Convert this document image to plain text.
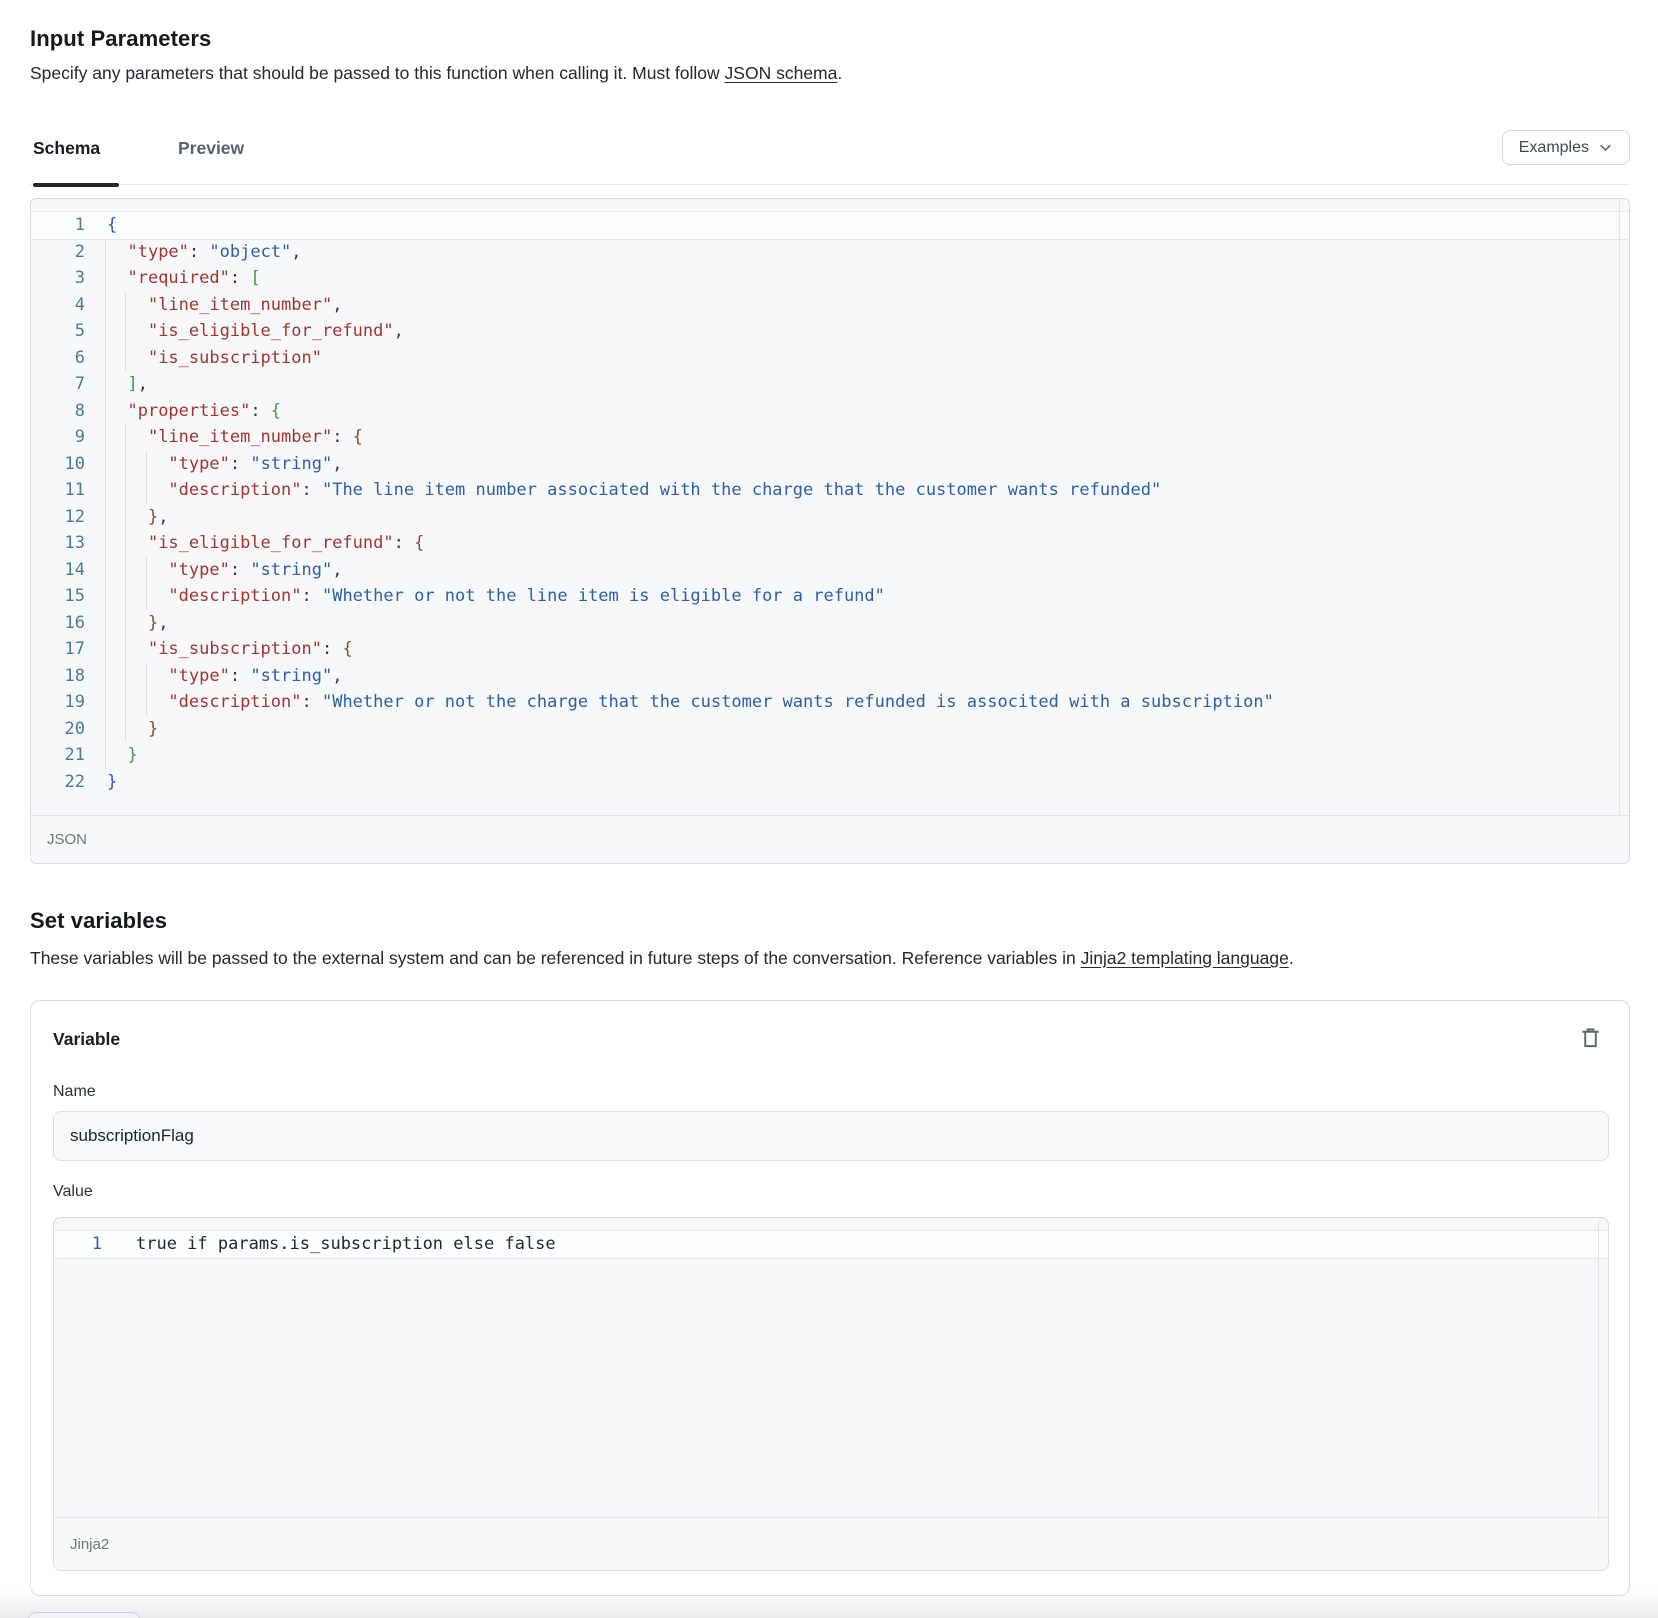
Input Parameters
Specify any parameters that should be passed to this function when calling it. Must follow JSON schema.
Schema	Preview	Examples
1	{
2	"type": "object",
3	"required": [
4	"line_item_number",
5	"is_eligible_for_refund",
6	"is_subscription"
7	],
8	"properties": {
9	"line_item_number": {
10	"type": "string",
11	"description": "The line item number associated with the charge that the customer wants refunded"
12	},
13	"is_eligible_for_refund": {
14	"type": "string",
15	"description": "Whether or not the line item is eligible for a refund"
16	},
17	"is_subscription": {
18	"type": "string",
19	"description": "Whether or not the charge that the customer wants refunded is associted with a subscription"
20	}
21	}
22	}
JSON
Set variables
These variables will be passed to the external system and can be referenced in future steps of the conversation. Reference variables in Jinja2 templating language.
Variable
Name
subscriptionFlag
Value
1	true if params.is_subscription else false
Jinja2
